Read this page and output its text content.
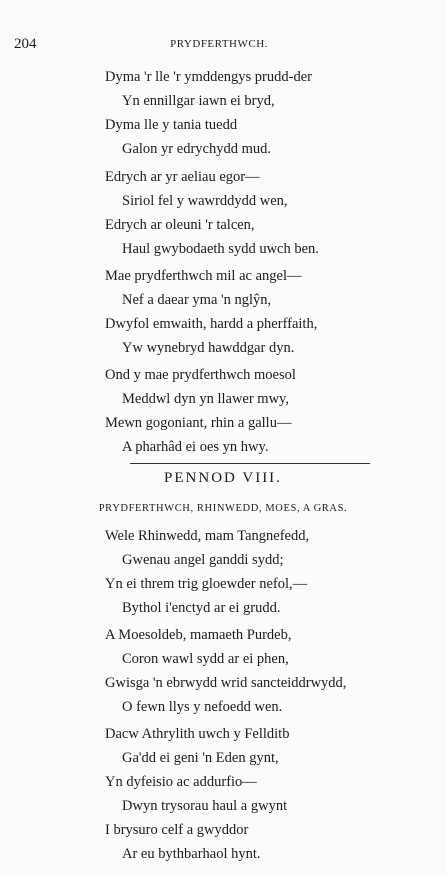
204	PRYDFERTHWCH.
Dyma 'r lle 'r ymddengys prudd-der
Yn ennillgar iawn ei bryd,
Dyma lle y tania tuedd
Galon yr edrychydd mud.
Edrych ar yr aeliau egor—
Siriol fel y wawrddydd wen,
Edrych ar oleuni 'r talcen,
Haul gwybodaeth sydd uwch ben.
Mae prydferthwch mil ac angel—
Nef a daear yma 'n nglŷn,
Dwyfol emwaith, hardd a pherffaith,
Yw wynebryd hawddgar dyn.
Ond y mae prydferthwch moesol
Meddwl dyn yn llawer mwy,
Mewn gogoniant, rhin a gallu—
A pharhâd ei oes yn hwy.
PENNOD VIII.
PRYDFERTHWCH, RHINWEDD, MOES, A GRAS.
Wele Rhinwedd, mam Tangnefedd,
Gwenau angel ganddi sydd;
Yn ei threm trig gloewder nefol,—
Bythol i'enctyd ar ei grudd.
A Moesoldeb, mamaeth Purdeb,
Coron wawl sydd ar ei phen,
Gwisga 'n ebrwydd wrid sancteiddrwydd,
O fewn llys y nefoedd wen.
Dacw Athrylith uwch y Fellditb
Ga'dd ei geni 'n Eden gynt,
Yn dyfeisio ac addurfio—
Dwyn trysorau haul a gwynt
I brysuro celf a gwyddor
Ar eu bythbarhaol hynt.
